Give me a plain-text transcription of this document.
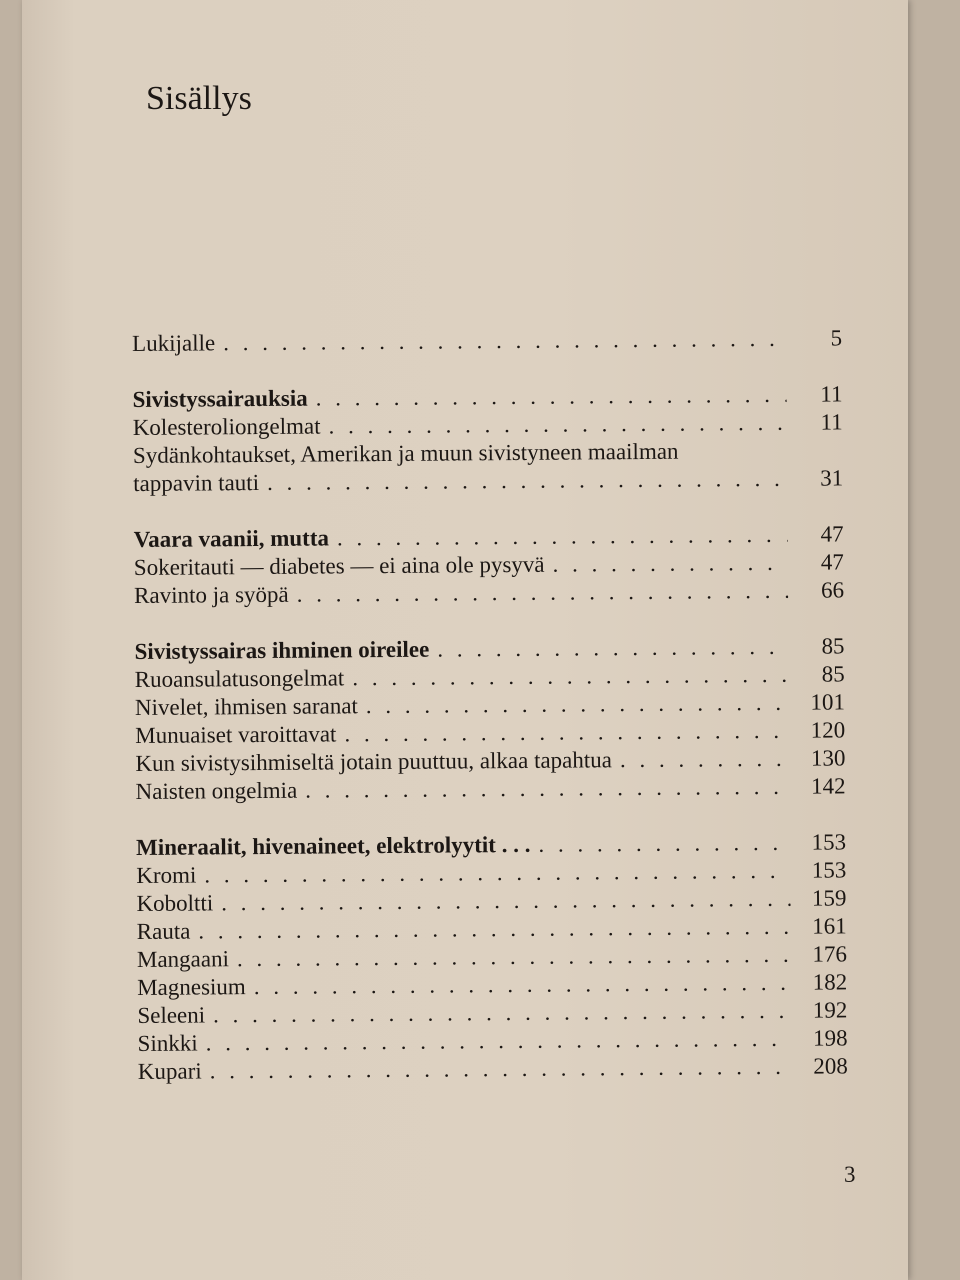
Sisällys
Lukijalle . . .	5
Sivistyssairauksia . . .	11
Kolesteroliongelmat . . .	11
Sydänkohtaukset, Amerikan ja muun sivistyneen maailman
tappavin tauti . . .	31
Vaara vaanii, mutta . . .	47
Sokeritauti — diabetes — ei aina ole pysyvä . . .	47
Ravinto ja syöpä . . .	66
Sivistyssairas ihminen oireilee . . .	85
Ruoansulatusongelmat . . .	85
Nivelet, ihmisen saranat . . .	101
Munuaiset varoittavat . . .	120
Kun sivistysihmiseltä jotain puuttuu, alkaa tapahtua . . .	130
Naisten ongelmia . . .	142
Mineraalit, hivenaineet, elektrolyytit . . . . . .	153
Kromi . . .	153
Koboltti . . .	159
Rauta . . .	161
Mangaani . . .	176
Magnesium . . .	182
Seleeni . . .	192
Sinkki . . .	198
Kupari . . .	208
3
